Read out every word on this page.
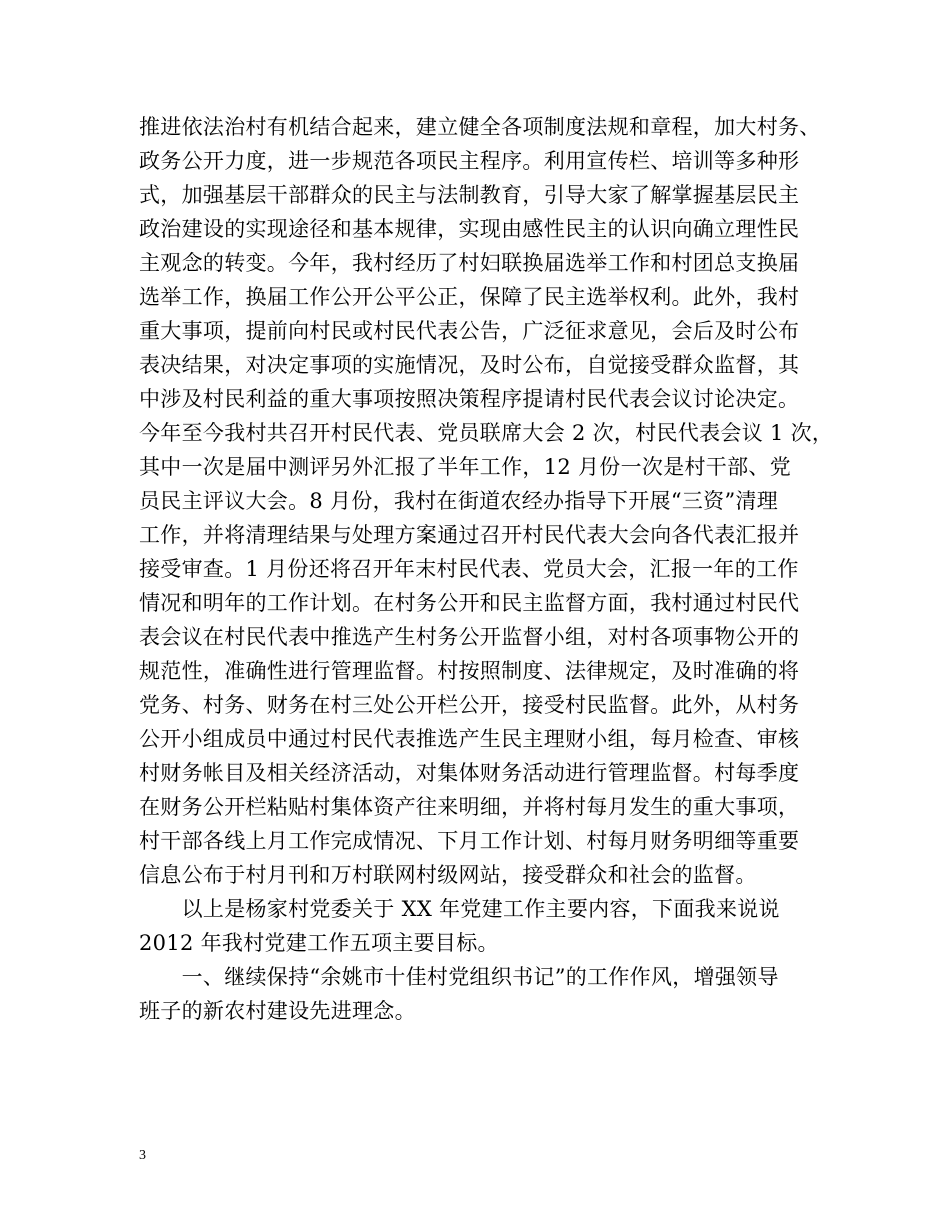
推进依法治村有机结合起来，建立健全各项制度法规和章程，加大村务、
政务公开力度，进一步规范各项民主程序。利用宣传栏、培训等多种形
式，加强基层干部群众的民主与法制教育，引导大家了解掌握基层民主
政治建设的实现途径和基本规律，实现由感性民主的认识向确立理性民
主观念的转变。今年，我村经历了村妇联换届选举工作和村团总支换届
选举工作，换届工作公开公平公正，保障了民主选举权利。此外，我村
重大事项，提前向村民或村民代表公告，广泛征求意见，会后及时公布
表决结果，对决定事项的实施情况，及时公布，自觉接受群众监督，其
中涉及村民利益的重大事项按照决策程序提请村民代表会议讨论决定。
今年至今我村共召开村民代表、党员联席大会 2 次，村民代表会议 1 次，
其中一次是届中测评另外汇报了半年工作，12 月份一次是村干部、党
员民主评议大会。8 月份，我村在街道农经办指导下开展“三资”清理
工作，并将清理结果与处理方案通过召开村民代表大会向各代表汇报并
接受审查。1 月份还将召开年末村民代表、党员大会，汇报一年的工作
情况和明年的工作计划。在村务公开和民主监督方面，我村通过村民代
表会议在村民代表中推选产生村务公开监督小组，对村各项事物公开的
规范性，准确性进行管理监督。村按照制度、法律规定，及时准确的将
党务、村务、财务在村三处公开栏公开，接受村民监督。此外，从村务
公开小组成员中通过村民代表推选产生民主理财小组，每月检查、审核
村财务帐目及相关经济活动，对集体财务活动进行管理监督。村每季度
在财务公开栏粘贴村集体资产往来明细，并将村每月发生的重大事项，
村干部各线上月工作完成情况、下月工作计划、村每月财务明细等重要
信息公布于村月刊和万村联网村级网站，接受群众和社会的监督。
　　以上是杨家村党委关于 XX 年党建工作主要内容，下面我来说说
2012 年我村党建工作五项主要目标。
　　一、继续保持“余姚市十佳村党组织书记”的工作作风，增强领导
班子的新农村建设先进理念。
3
